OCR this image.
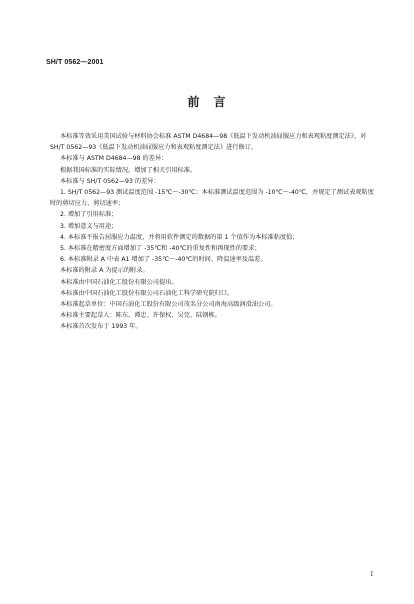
SH/T 0562—2001
前　言

本标准等效采用美国试验与材料协会标准 ASTM D4684—98《低温下发动机油屈服应力和表观粘度测定法》，对 SH/T 0562—93《低温下发动机油屈服应力和表观粘度测定法》进行修订。

本标准与 ASTM D4684—98 的差异：

根据我国标准的实际情况，增加了相关引用标准。

本标准与 SH/T 0562—93 的差异：

1. SH/T 0562—93 测试温度范围 -15℃～-30℃；本标准测试温度范围为 -10℃～-40℃，并规定了测试表观粘度时的剪切应力、剪切速率；

2. 增加了引用标准；

3. 增加意义与用途；

4. 本标准不报告屈服应力温度，并将用软件测定的数据的第 1 个值作为本标准粘度值；

5. 本标准在精密度方面增加了 -35℃和 -40℃的重复性和再现性的要求；

6. 本标准附录 A 中表 A1 增加了 -35℃～-40℃的时间、降温速率及温差。

本标准的附录 A 为提示的附录。

本标准由中国石油化工股份有限公司提出。

本标准由中国石油化工股份有限公司石油化工科学研究院归口。

本标准起草单位：中国石油化工股份有限公司茂名分公司南海高级润滑油公司。

本标准主要起草人：陈东、谭忠、许保权、吴莞、陆钢栋。

本标准首次发布于 1993 年。

1
